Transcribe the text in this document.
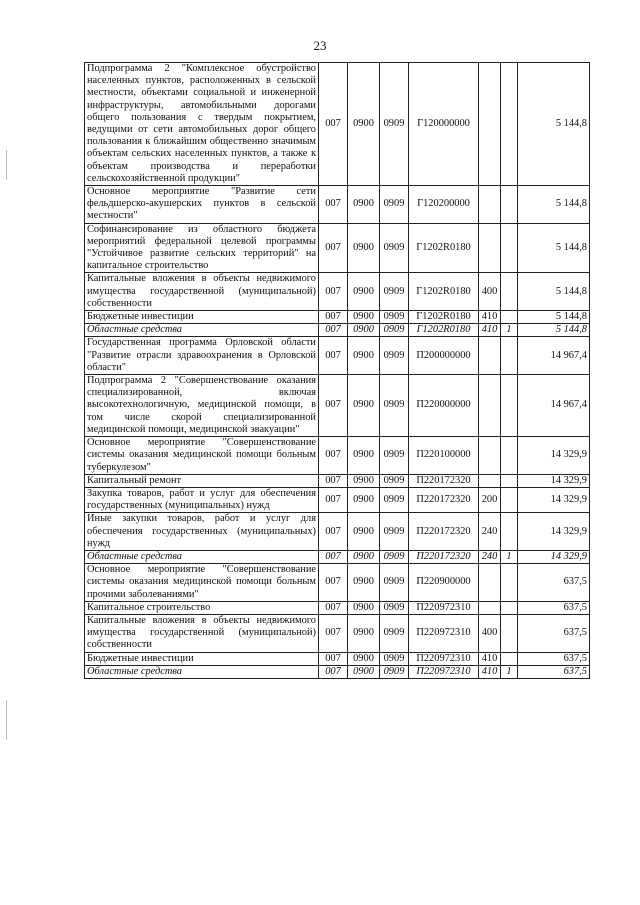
23
Подпрограмма 2 "Комплексное обустройство населенных пунктов, расположенных в сельской местности, объектами социальной и инженерной инфраструктуры, автомобильными дорогами общего пользования с твердым покрытием, ведущими от сети автомобильных дорог общего пользования к ближайшим общественно значимым объектам сельских населенных пунктов, а также к объектам производства и переработки сельскохозяйственной продукции"	007	0900	0909	Г120000000			5 144,8
Основное мероприятие "Развитие сети фельдшерско-акушерских пунктов в сельской местности"	007	0900	0909	Г120200000			5 144,8
Софинансирование из областного бюджета мероприятий федеральной целевой программы "Устойчивое развитие сельских территорий" на капитальное строительство	007	0900	0909	Г1202R0180			5 144,8
Капитальные вложения в объекты недвижимого имущества государственной (муниципальной) собственности	007	0900	0909	Г1202R0180	400		5 144,8
Бюджетные инвестиции	007	0900	0909	Г1202R0180	410		5 144,8
Областные средства	007	0900	0909	Г1202R0180	410	1	5 144,8
Государственная программа Орловской области "Развитие отрасли здравоохранения в Орловской области"	007	0900	0909	П200000000			14 967,4
Подпрограмма 2 "Совершенствование оказания специализированной, включая высокотехнологичную, медицинской помощи, в том числе скорой специализированной медицинской помощи, медицинской эвакуации"	007	0900	0909	П220000000			14 967,4
Основное мероприятие "Совершенствование системы оказания медицинской помощи больным туберкулезом"	007	0900	0909	П220100000			14 329,9
Капитальный ремонт	007	0900	0909	П220172320			14 329,9
Закупка товаров, работ и услуг для обеспечения государственных (муниципальных) нужд	007	0900	0909	П220172320	200		14 329,9
Иные закупки товаров, работ и услуг для обеспечения государственных (муниципальных) нужд	007	0900	0909	П220172320	240		14 329,9
Областные средства	007	0900	0909	П220172320	240	1	14 329,9
Основное мероприятие "Совершенствование системы оказания медицинской помощи больным прочими заболеваниями"	007	0900	0909	П220900000			637,5
Капитальное строительство	007	0900	0909	П220972310			637,5
Капитальные вложения в объекты недвижимого имущества государственной (муниципальной) собственности	007	0900	0909	П220972310	400		637,5
Бюджетные инвестиции	007	0900	0909	П220972310	410		637,5
Областные средства	007	0900	0909	П220972310	410	1	637,5
